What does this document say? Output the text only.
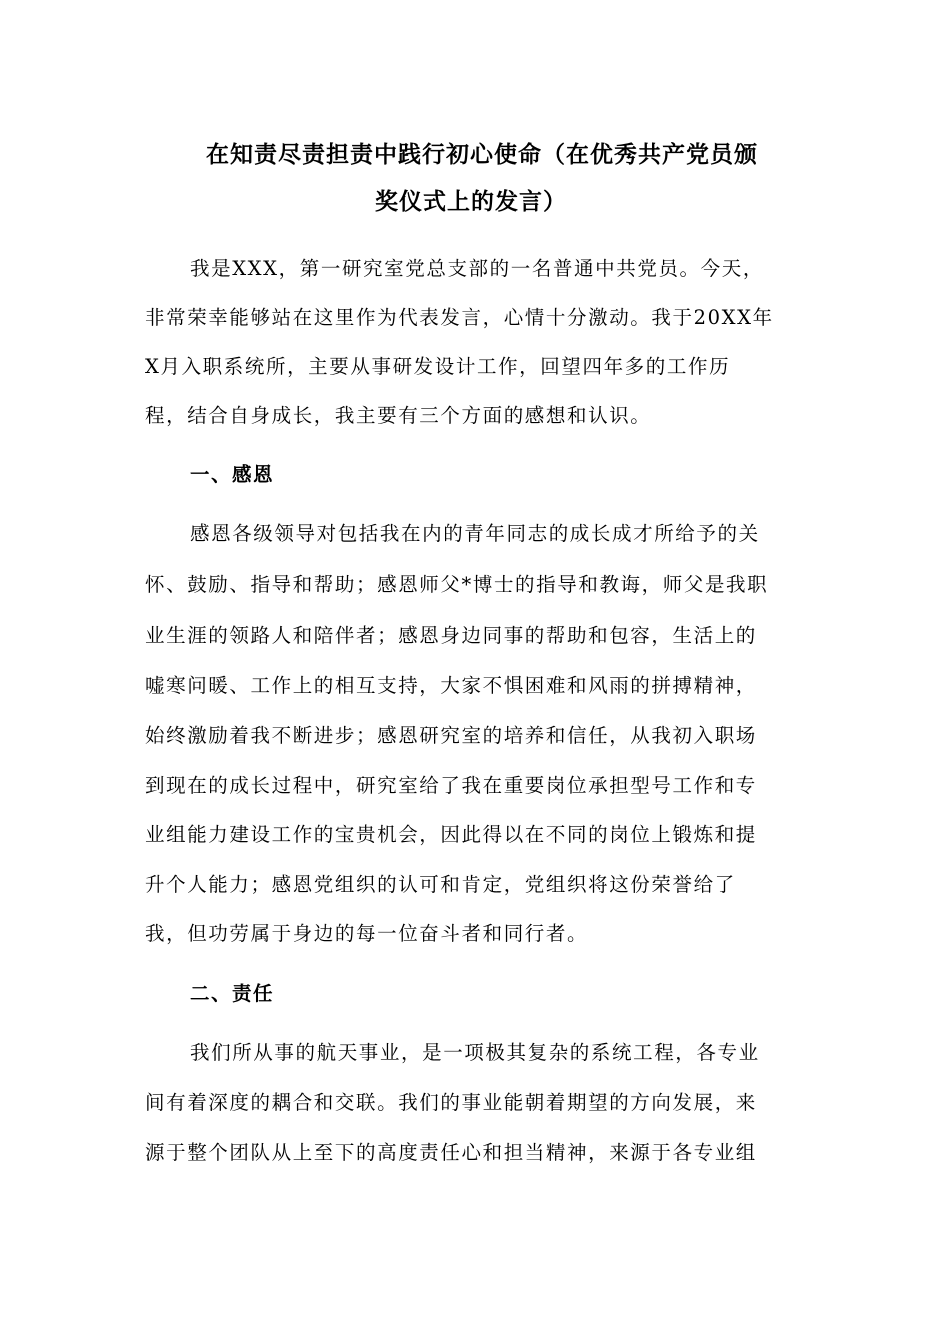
在知责尽责担责中践行初心使命（在优秀共产党员颁
奖仪式上的发言）
我是XXX，第一研究室党总支部的一名普通中共党员。今天，
非常荣幸能够站在这里作为代表发言，心情十分激动。我于20XX年
X月入职系统所，主要从事研发设计工作，回望四年多的工作历
程，结合自身成长，我主要有三个方面的感想和认识。
一、感恩
感恩各级领导对包括我在内的青年同志的成长成才所给予的关
怀、鼓励、指导和帮助；感恩师父*博士的指导和教诲，师父是我职
业生涯的领路人和陪伴者；感恩身边同事的帮助和包容，生活上的
嘘寒问暖、工作上的相互支持，大家不惧困难和风雨的拼搏精神，
始终激励着我不断进步；感恩研究室的培养和信任，从我初入职场
到现在的成长过程中，研究室给了我在重要岗位承担型号工作和专
业组能力建设工作的宝贵机会，因此得以在不同的岗位上锻炼和提
升个人能力；感恩党组织的认可和肯定，党组织将这份荣誉给了
我，但功劳属于身边的每一位奋斗者和同行者。
二、责任
我们所从事的航天事业，是一项极其复杂的系统工程，各专业
间有着深度的耦合和交联。我们的事业能朝着期望的方向发展，来
源于整个团队从上至下的高度责任心和担当精神，来源于各专业组
